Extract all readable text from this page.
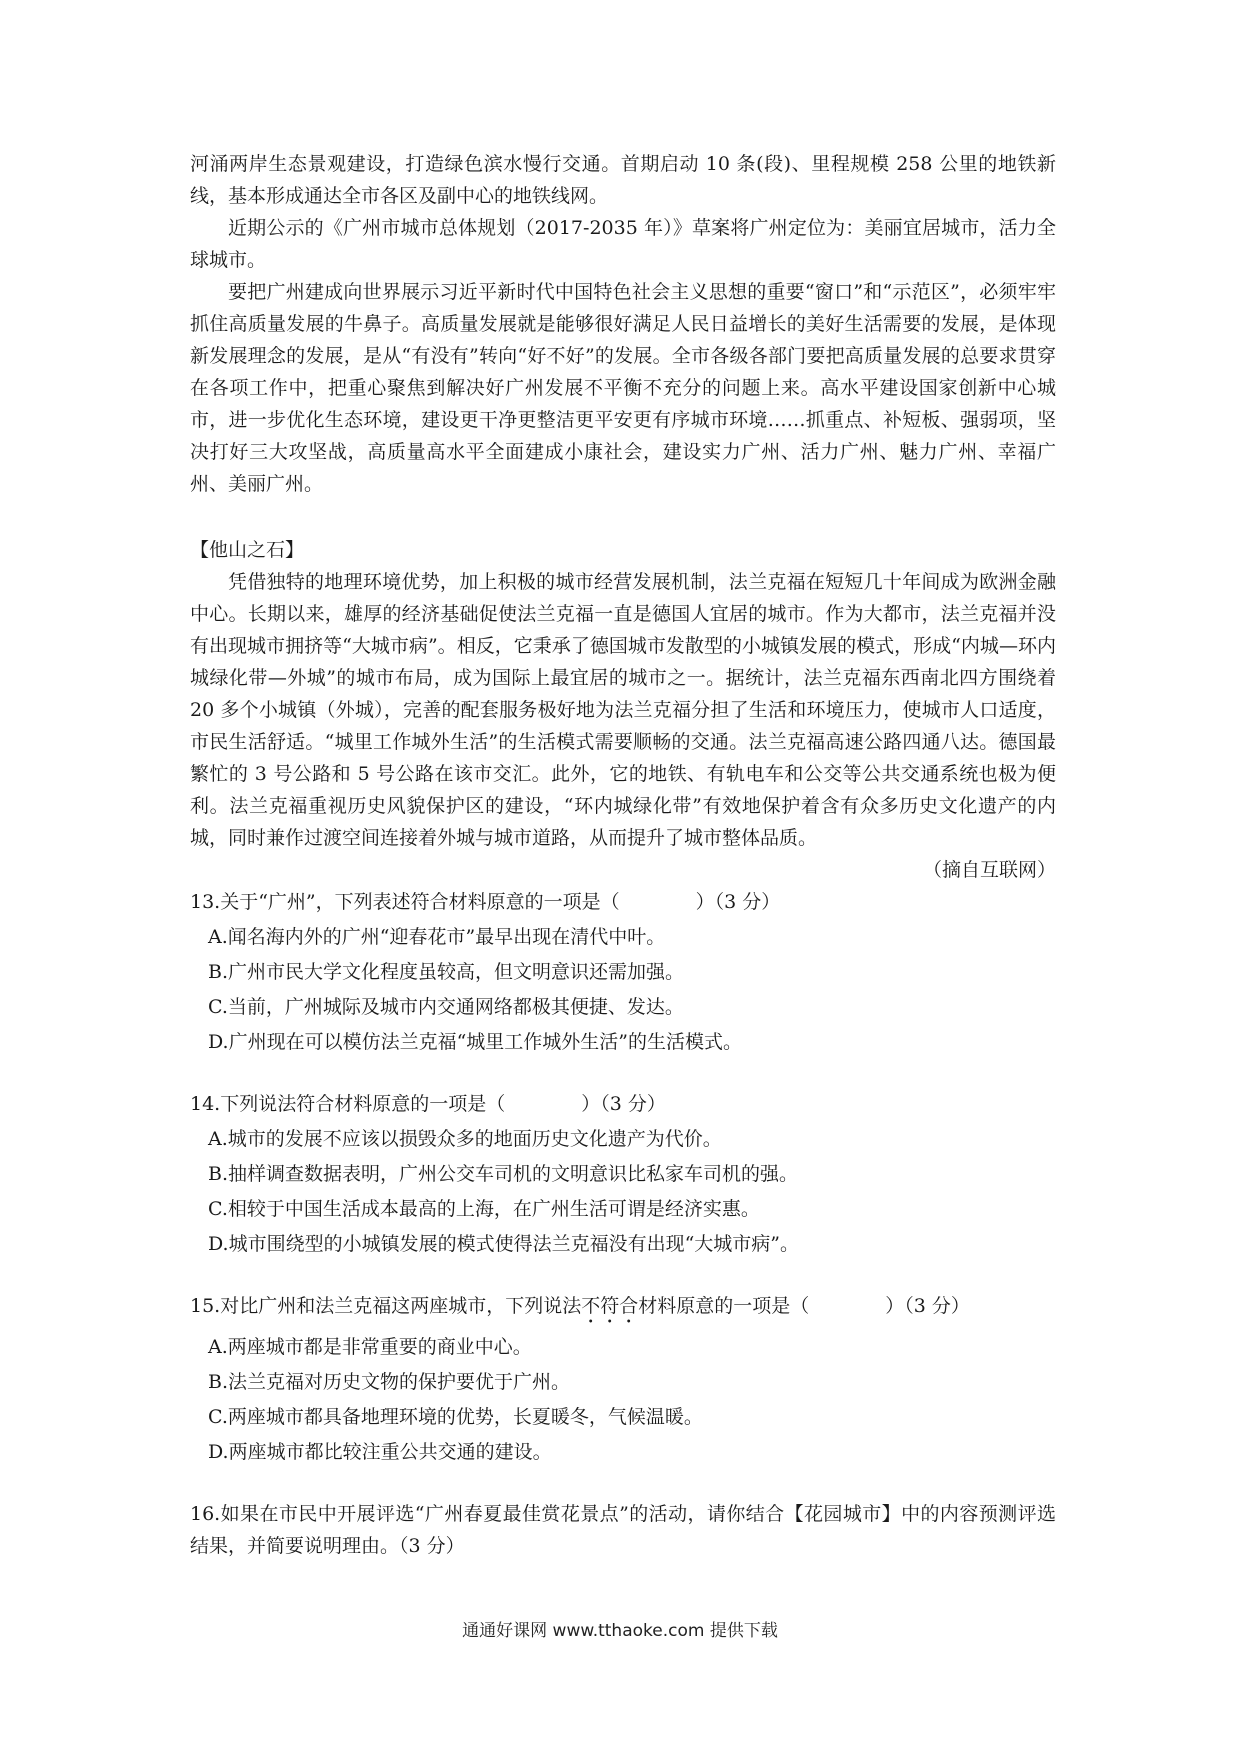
河涌两岸生态景观建设，打造绿色滨水慢行交通。首期启动 10 条(段)、里程规模 258 公里的地铁新线，基本形成通达全市各区及副中心的地铁线网。

近期公示的《广州市城市总体规划（2017-2035 年）》草案将广州定位为：美丽宜居城市，活力全球城市。

要把广州建成向世界展示习近平新时代中国特色社会主义思想的重要“窗口”和“示范区”，必须牢牢抓住高质量发展的牛鼻子。高质量发展就是能够很好满足人民日益增长的美好生活需要的发展，是体现新发展理念的发展，是从“有没有”转向“好不好”的发展。全市各级各部门要把高质量发展的总要求贯穿在各项工作中，把重心聚焦到解决好广州发展不平衡不充分的问题上来。高水平建设国家创新中心城市，进一步优化生态环境，建设更干净更整洁更平安更有序城市环境……抓重点、补短板、强弱项，坚决打好三大攻坚战，高质量高水平全面建成小康社会，建设实力广州、活力广州、魅力广州、幸福广州、美丽广州。

【他山之石】

凭借独特的地理环境优势，加上积极的城市经营发展机制，法兰克福在短短几十年间成为欧洲金融中心。长期以来，雄厚的经济基础促使法兰克福一直是德国人宜居的城市。作为大都市，法兰克福并没有出现城市拥挤等“大城市病”。相反，它秉承了德国城市发散型的小城镇发展的模式，形成“内城—环内城绿化带—外城”的城市布局，成为国际上最宜居的城市之一。据统计，法兰克福东西南北四方围绕着 20 多个小城镇（外城），完善的配套服务极好地为法兰克福分担了生活和环境压力，使城市人口适度，市民生活舒适。“城里工作城外生活”的生活模式需要顺畅的交通。法兰克福高速公路四通八达。德国最繁忙的 3 号公路和 5 号公路在该市交汇。此外，它的地铁、有轨电车和公交等公共交通系统也极为便利。法兰克福重视历史风貌保护区的建设，“环内城绿化带”有效地保护着含有众多历史文化遗产的内城，同时兼作过渡空间连接着外城与城市道路，从而提升了城市整体品质。

（摘自互联网）

13.关于“广州”，下列表述符合材料原意的一项是（　　　　）（3 分）

A.闻名海内外的广州“迎春花市”最早出现在清代中叶。
B.广州市民大学文化程度虽较高，但文明意识还需加强。
C.当前，广州城际及城市内交通网络都极其便捷、发达。
D.广州现在可以模仿法兰克福“城里工作城外生活”的生活模式。

14.下列说法符合材料原意的一项是（　　　　）（3 分）

A.城市的发展不应该以损毁众多的地面历史文化遗产为代价。
B.抽样调查数据表明，广州公交车司机的文明意识比私家车司机的强。
C.相较于中国生活成本最高的上海，在广州生活可谓是经济实惠。
D.城市围绕型的小城镇发展的模式使得法兰克福没有出现“大城市病”。

15.对比广州和法兰克福这两座城市，下列说法不符合材料原意的一项是（　　　　）（3 分）

A.两座城市都是非常重要的商业中心。
B.法兰克福对历史文物的保护要优于广州。
C.两座城市都具备地理环境的优势，长夏暖冬，气候温暖。
D.两座城市都比较注重公共交通的建设。

16.如果在市民中开展评选“广州春夏最佳赏花景点”的活动，请你结合【花园城市】中的内容预测评选结果，并简要说明理由。（3 分）

通通好课网 www.tthaoke.com 提供下载
